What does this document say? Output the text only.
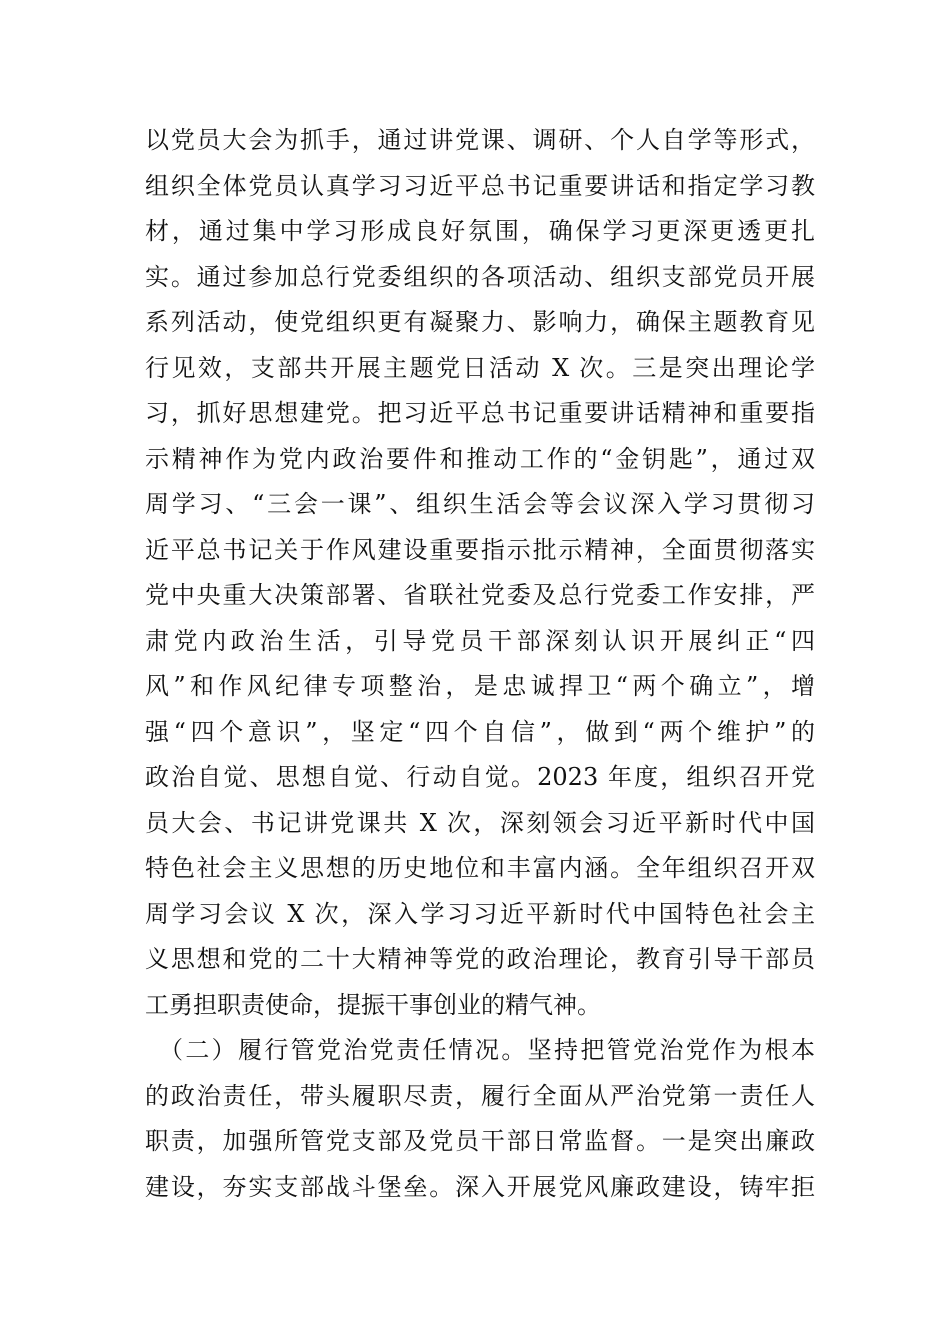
以党员大会为抓手，通过讲党课、调研、个人自学等形式，
组织全体党员认真学习习近平总书记重要讲话和指定学习教
材，通过集中学习形成良好氛围，确保学习更深更透更扎
实。通过参加总行党委组织的各项活动、组织支部党员开展
系列活动，使党组织更有凝聚力、影响力，确保主题教育见
行见效，支部共开展主题党日活动 X 次。三是突出理论学
习，抓好思想建党。把习近平总书记重要讲话精神和重要指
示精神作为党内政治要件和推动工作的“金钥匙”，通过双
周学习、“三会一课”、组织生活会等会议深入学习贯彻习
近平总书记关于作风建设重要指示批示精神，全面贯彻落实
党中央重大决策部署、省联社党委及总行党委工作安排，严
肃党内政治生活，引导党员干部深刻认识开展纠正“四
风”和作风纪律专项整治，是忠诚捍卫“两个确立”，增
强“四个意识”，坚定“四个自信”，做到“两个维护”的
政治自觉、思想自觉、行动自觉。2023 年度，组织召开党
员大会、书记讲党课共 X 次，深刻领会习近平新时代中国
特色社会主义思想的历史地位和丰富内涵。全年组织召开双
周学习会议 X 次，深入学习习近平新时代中国特色社会主
义思想和党的二十大精神等党的政治理论，教育引导干部员
工勇担职责使命，提振干事创业的精气神。
（二）履行管党治党责任情况。坚持把管党治党作为根本
的政治责任，带头履职尽责，履行全面从严治党第一责任人
职责，加强所管党支部及党员干部日常监督。一是突出廉政
建设，夯实支部战斗堡垒。深入开展党风廉政建设，铸牢拒
